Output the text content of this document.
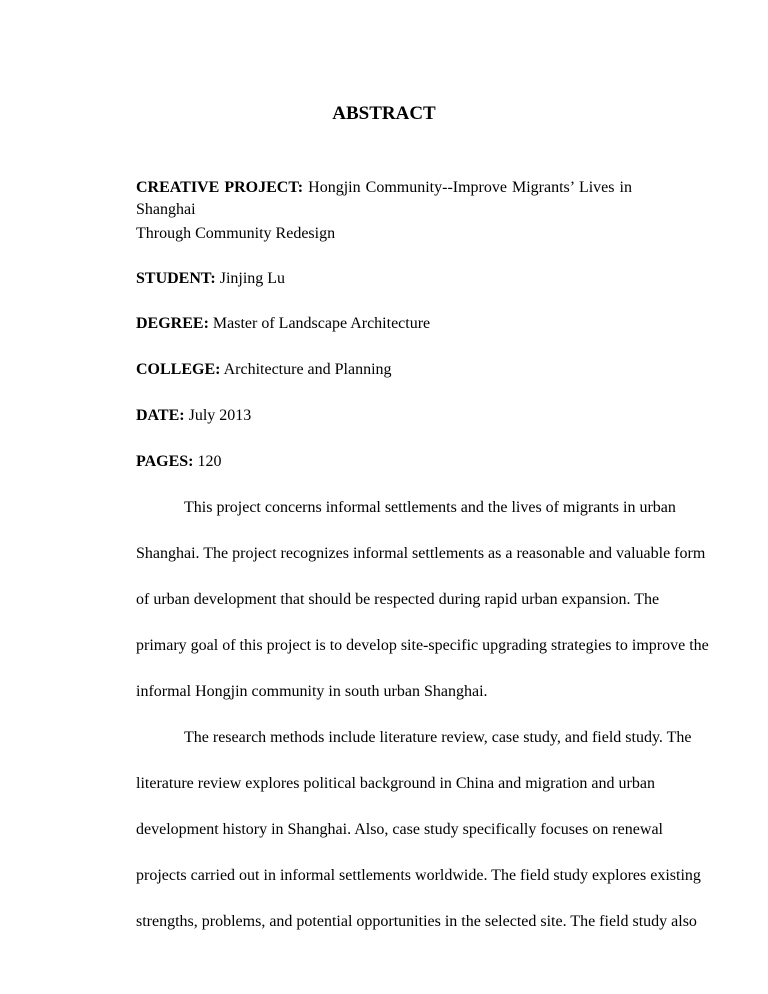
ABSTRACT
CREATIVE PROJECT: Hongjin Community--Improve Migrants’ Lives in Shanghai
Through Community Redesign
STUDENT: Jinjing Lu
DEGREE: Master of Landscape Architecture
COLLEGE: Architecture and Planning
DATE: July 2013
PAGES: 120
This project concerns informal settlements and the lives of migrants in urban
Shanghai. The project recognizes informal settlements as a reasonable and valuable form
of urban development that should be respected during rapid urban expansion. The
primary goal of this project is to develop site-specific upgrading strategies to improve the
informal Hongjin community in south urban Shanghai.
The research methods include literature review, case study, and field study. The
literature review explores political background in China and migration and urban
development history in Shanghai. Also, case study specifically focuses on renewal
projects carried out in informal settlements worldwide. The field study explores existing
strengths, problems, and potential opportunities in the selected site. The field study also
